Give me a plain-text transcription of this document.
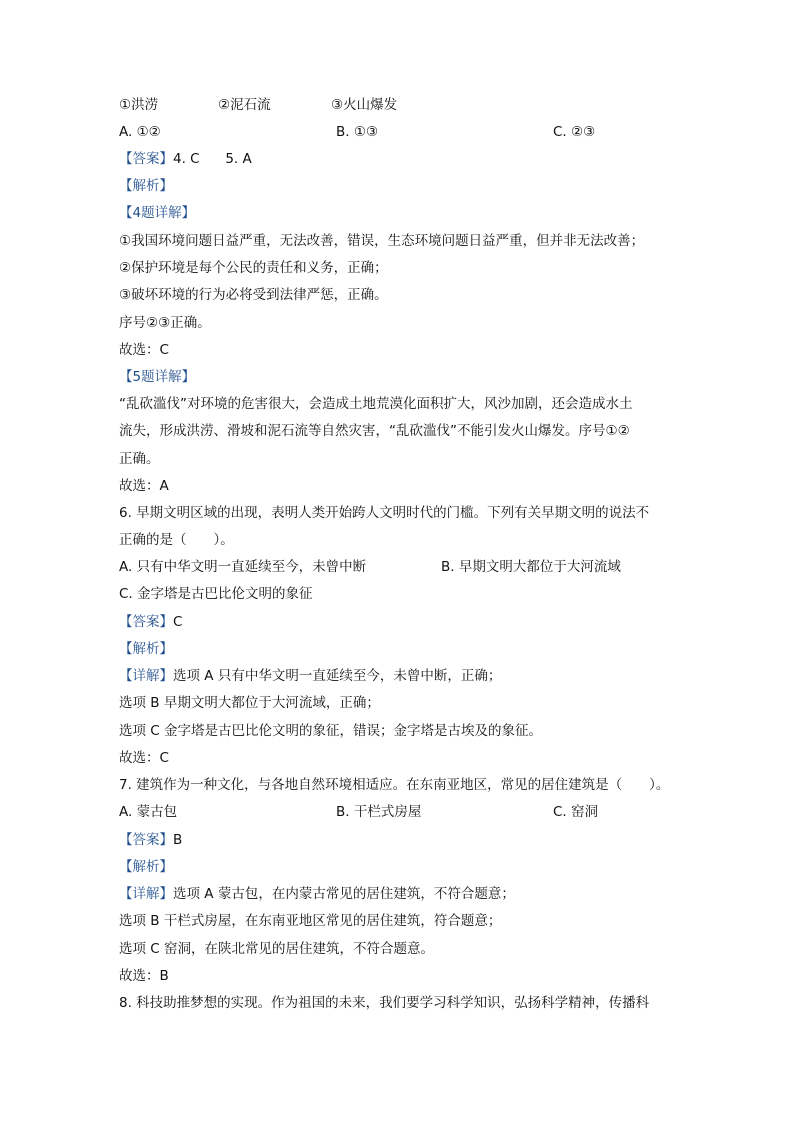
①洪涝	②泥石流	③火山爆发
A. ①②	B. ①③	C. ②③
【答案】4. C      5. A
【解析】
【4题详解】
①我国环境问题日益严重，无法改善，错误，生态环境问题日益严重，但并非无法改善；
②保护环境是每个公民的责任和义务，正确；
③破坏环境的行为必将受到法律严惩，正确。
序号②③正确。
故选：C
【5题详解】
“乱砍滥伐”对环境的危害很大，会造成土地荒漠化面积扩大，风沙加剧，还会造成水土
流失，形成洪涝、滑坡和泥石流等自然灾害，“乱砍滥伐”不能引发火山爆发。序号①②
正确。
故选：A
6. 早期文明区域的出现，表明人类开始跨人文明时代的门槛。下列有关早期文明的说法不
正确的是（　　）。
A. 只有中华文明一直延续至今，未曾中断	B. 早期文明大都位于大河流域
C. 金字塔是古巴比伦文明的象征
【答案】C
【解析】
【详解】选项 A 只有中华文明一直延续至今，未曾中断，正确；
选项 B 早期文明大都位于大河流域，正确；
选项 C 金字塔是古巴比伦文明的象征，错误；金字塔是古埃及的象征。
故选：C
7. 建筑作为一种文化，与各地自然环境相适应。在东南亚地区，常见的居住建筑是（　　）。
A. 蒙古包	B. 干栏式房屋	C. 窑洞
【答案】B
【解析】
【详解】选项 A 蒙古包，在内蒙古常见的居住建筑，不符合题意；
选项 B 干栏式房屋，在东南亚地区常见的居住建筑，符合题意；
选项 C 窑洞，在陕北常见的居住建筑，不符合题意。
故选：B
8. 科技助推梦想的实现。作为祖国的未来，我们要学习科学知识，弘扬科学精神，传播科
